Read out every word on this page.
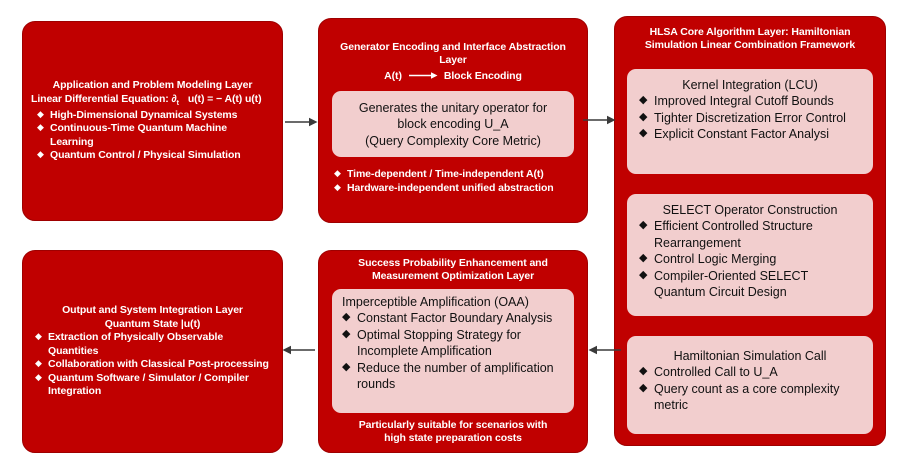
Application and Problem Modeling Layer
Linear Differential Equation: $\partial_t$ u(t) = − A(t) u(t)
◆ High-Dimensional Dynamical Systems
◆ Continuous-Time Quantum Machine Learning
◆ Quantum Control / Physical Simulation
Generator Encoding and Interface Abstraction Layer
A(t)	Block Encoding
Generates the unitary operator for
block encoding U_A
(Query Complexity Core Metric)
◆ Time-dependent / Time-independent A(t)
◆ Hardware-independent unified abstraction
HLSA Core Algorithm Layer: Hamiltonian Simulation Linear Combination Framework
Kernel Integration (LCU)
◆ Improved Integral Cutoff Bounds
◆ Tighter Discretization Error Control
◆ Explicit Constant Factor Analysi
SELECT Operator Construction
◆ Efficient Controlled Structure Rearrangement
◆ Control Logic Merging
◆ Compiler-Oriented SELECT Quantum Circuit Design
Hamiltonian Simulation Call
◆ Controlled Call to U_A
◆ Query count as a core complexity metric
Success Probability Enhancement and Measurement Optimization Layer
Imperceptible Amplification (OAA)
◆ Constant Factor Boundary Analysis
◆ Optimal Stopping Strategy for Incomplete Amplification
◆ Reduce the number of amplification rounds
Particularly suitable for scenarios with high state preparation costs
Output and System Integration Layer
Quantum State |u(t)
◆ Extraction of Physically Observable Quantities
◆ Collaboration with Classical Post-processing
◆ Quantum Software / Simulator / Compiler Integration
